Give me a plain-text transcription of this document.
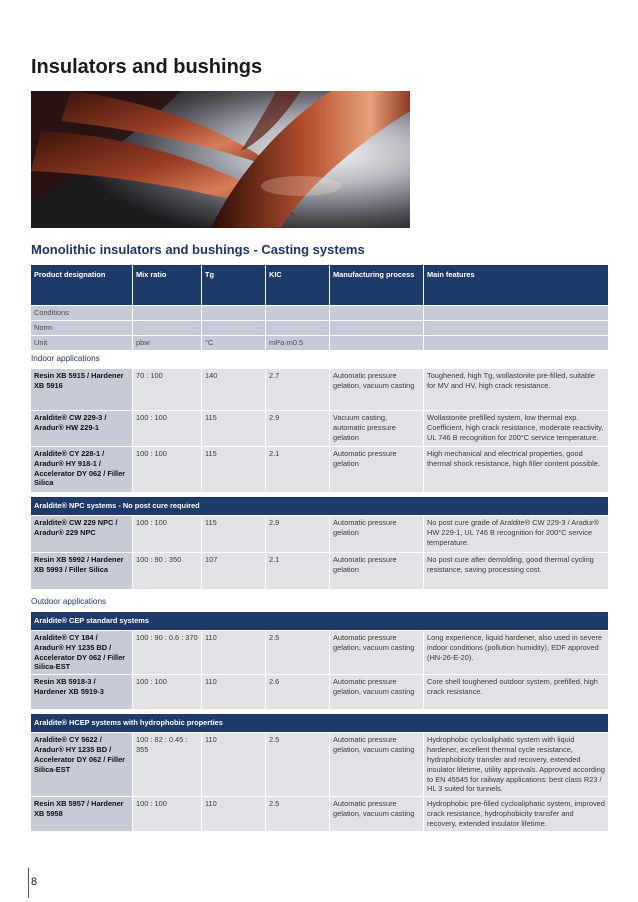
Insulators and bushings
Monolithic insulators and bushings - Casting systems
Product designation	Mix ratio	Tg	KIC	Manufacturing process	Main features
Conditions					
Norm					
Unit	pbw	°C	mPa·m0.5		
Indoor applications					
Resin XB 5915 / Hardener XB 5916	70 : 100	140	2.7	Automatic pressure gelation, vacuum casting	Toughened, high Tg, wollastonite pre-filled, suitable for MV and HV, high crack resistance.
Araldite® CW 229-3 / Aradur® HW 229-1	100 : 100	115	2.9	Vacuum casting, automatic pressure gelation	Wollastonite prefilled system, low thermal exp. Coefficient, high crack resistance, moderate reactivity, UL 746 B recognition for 200°C service temperature.
Araldite® CY 228-1 / Aradur® HY 918-1 / Accelerator DY 062 / Filler Silica	100 : 100	115	2.1	Automatic pressure gelation	High mechanical and electrical properties, good thermal shock resistance, high filler content possible.

Araldite® NPC systems - No post cure required					
Araldite® CW 229 NPC / Aradur® 229 NPC	100 : 100	115	2.9	Automatic pressure gelation	No post cure grade of Araldite® CW 229-3 / Aradur® HW 229-1, UL 746 B recognition for 200°C service temperature.
Resin XB 5992 / Hardener XB 5993 / Filler Silica	100 : 90 : 350	107	2.1	Automatic pressure gelation	No post cure after demolding, good thermal cycling resistance, saving processing cost.
Outdoor applications					
Araldite® CEP standard systems					
Araldite® CY 184 / Aradur® HY 1235 BD / Accelerator DY 062 / Filler Silica-EST	100 : 90 : 0.6 : 370	110	2.5	Automatic pressure gelation, vacuum casting	Long experience, liquid hardener, also used in severe indoor conditions (pollution humidity), EDF approved (HN-26-E-20).
Resin XB 5918-3 / Hardener XB 5919-3	100 : 100	110	2.6	Automatic pressure gelation, vacuum casting	Core shell toughened outdoor system, prefilled, high crack resistance.

Araldite® HCEP systems with hydrophobic properties					
Araldite® CY 5622 / Aradur® HY 1235 BD / Accelerator DY 062 / Filler Silica-EST	100 : 82 : 0.45 : 355	110	2.5	Automatic pressure gelation, vacuum casting	Hydrophobic cycloaliphatic system with liquid hardener, excellent thermal cycle resistance, hydrophobicity transfer and recovery, extended insulator lifetime, utility approvals. Approved according to EN 45545 for railway applications: best class R23 / HL 3 suited for tunnels.
Resin XB 5957 / Hardener XB 5958	100 : 100	110	2.5	Automatic pressure gelation, vacuum casting	Hydrophobic pre-filled cycloaliphatic system, improved crack resistance, hydrophobicity transfer and recovery, extended insulator lifetime.
8
